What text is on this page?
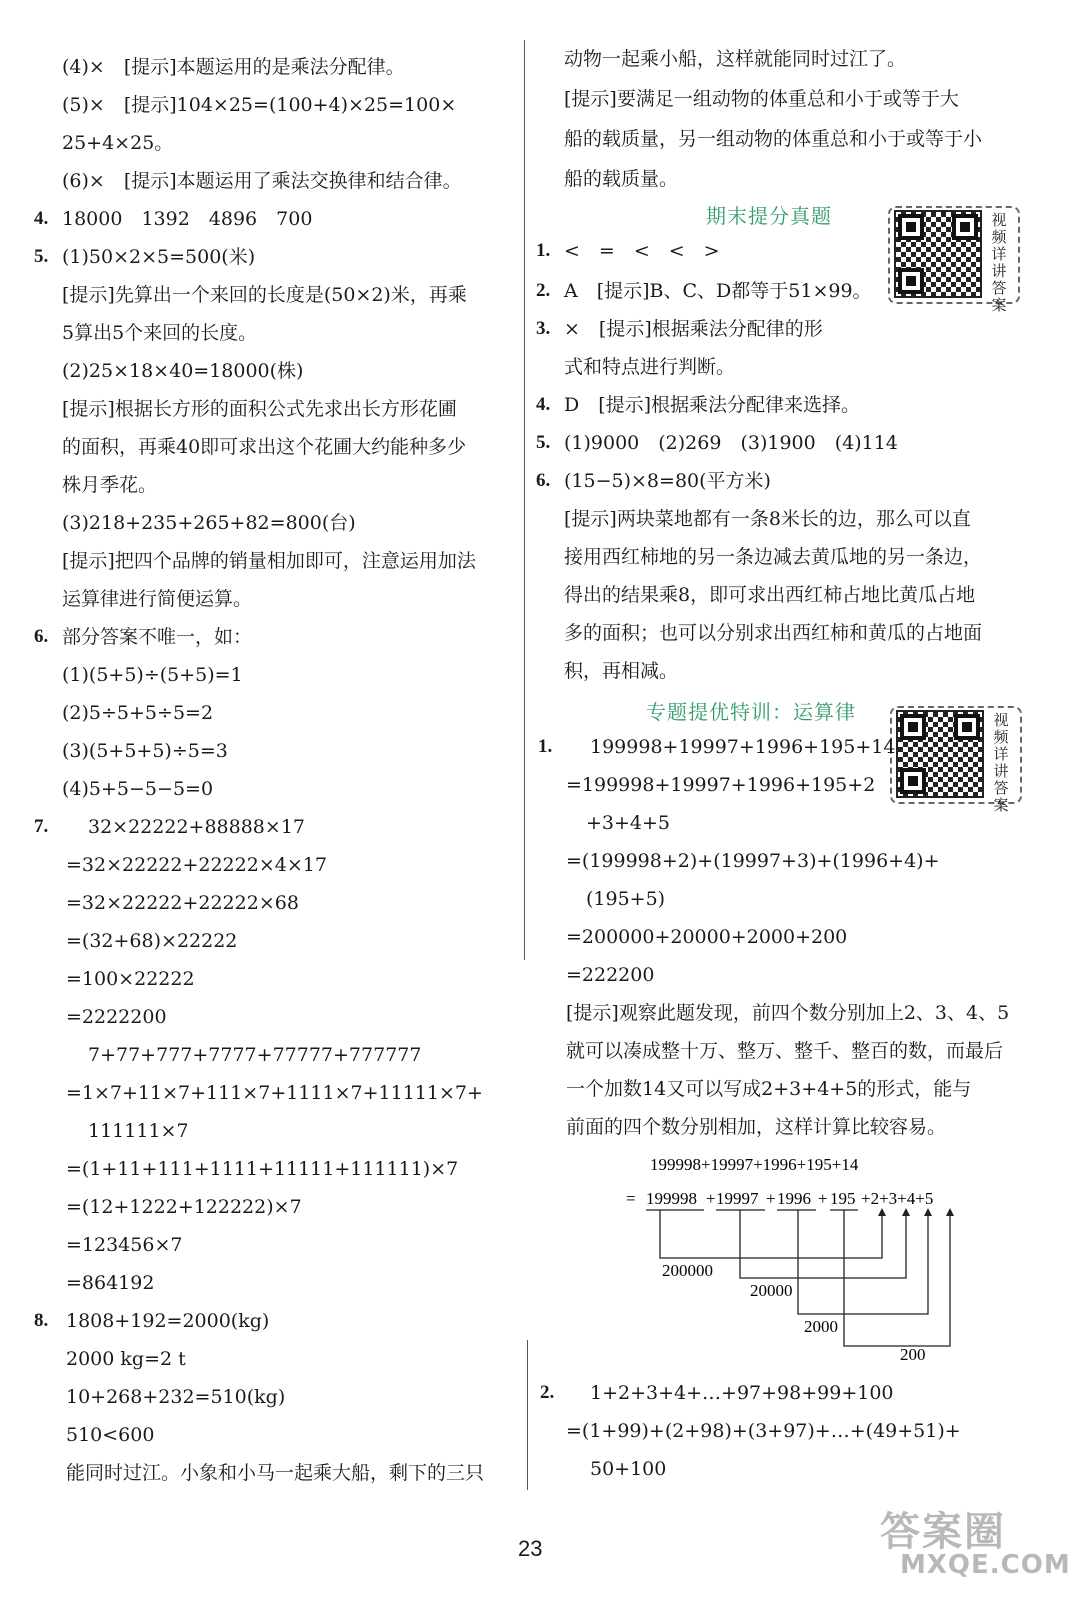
(4)×　[提示]本题运用的是乘法分配律。
(5)×　[提示]104×25=(100+4)×25=100×
25+4×25。
(6)×　[提示]本题运用了乘法交换律和结合律。
4. 18000　1392　4896　700
5. (1)50×2×5=500(米)
[提示]先算出一个来回的长度是(50×2)米，再乘
5算出5个来回的长度。
(2)25×18×40=18000(株)
[提示]根据长方形的面积公式先求出长方形花圃
的面积，再乘40即可求出这个花圃大约能种多少
株月季花。
(3)218+235+265+82=800(台)
[提示]把四个品牌的销量相加即可，注意运用加法
运算律进行简便运算。
6. 部分答案不唯一，如：
(1)(5+5)÷(5+5)=1
(2)5÷5+5÷5=2
(3)(5+5+5)÷5=3
(4)5+5−5−5=0
7. 32×22222+88888×17
=32×22222+22222×4×17
=32×22222+22222×68
=(32+68)×22222
=100×22222
=2222200
7+77+777+7777+77777+777777
=1×7+11×7+111×7+1111×7+11111×7+
111111×7
=(1+11+111+1111+11111+111111)×7
=(12+1222+122222)×7
=123456×7
=864192
8. 1808+192=2000(kg)
2000 kg=2 t
10+268+232=510(kg)
510<600
能同时过江。小象和小马一起乘大船，剩下的三只
动物一起乘小船，这样就能同时过江了。
[提示]要满足一组动物的体重总和小于或等于大
船的载质量，另一组动物的体重总和小于或等于小
船的载质量。
期末提分真题	视频详讲答案
1. <　=　<　<　>
2. A　[提示]B、C、D都等于51×99。
3. ×　[提示]根据乘法分配律的形
式和特点进行判断。
4. D　[提示]根据乘法分配律来选择。
5. (1)9000　(2)269　(3)1900　(4)114
6. (15−5)×8=80(平方米)
[提示]两块菜地都有一条8米长的边，那么可以直
接用西红柿地的另一条边减去黄瓜地的另一条边，
得出的结果乘8，即可求出西红柿占地比黄瓜占地
多的面积；也可以分别求出西红柿和黄瓜的占地面
积，再相减。
专题提优特训：运算律	视频详讲答案
1. 199998+19997+1996+195+14
=199998+19997+1996+195+2
+3+4+5
=(199998+2)+(19997+3)+(1996+4)+
(195+5)
=200000+20000+2000+200
=222200
[提示]观察此题发现，前四个数分别加上2、3、4、5
就可以凑成整十万、整万、整千、整百的数，而最后
一个加数14又可以写成2+3+4+5的形式，能与
前面的四个数分别相加，这样计算比较容易。
199998+19997+1996+195+14
= 199998 + 19997 + 1996 + 195 +2+3+4+5
200000
20000
2000
200
2. 1+2+3+4+…+97+98+99+100
=(1+99)+(2+98)+(3+97)+…+(49+51)+
50+100
23	答案圈
MXQE.COM
